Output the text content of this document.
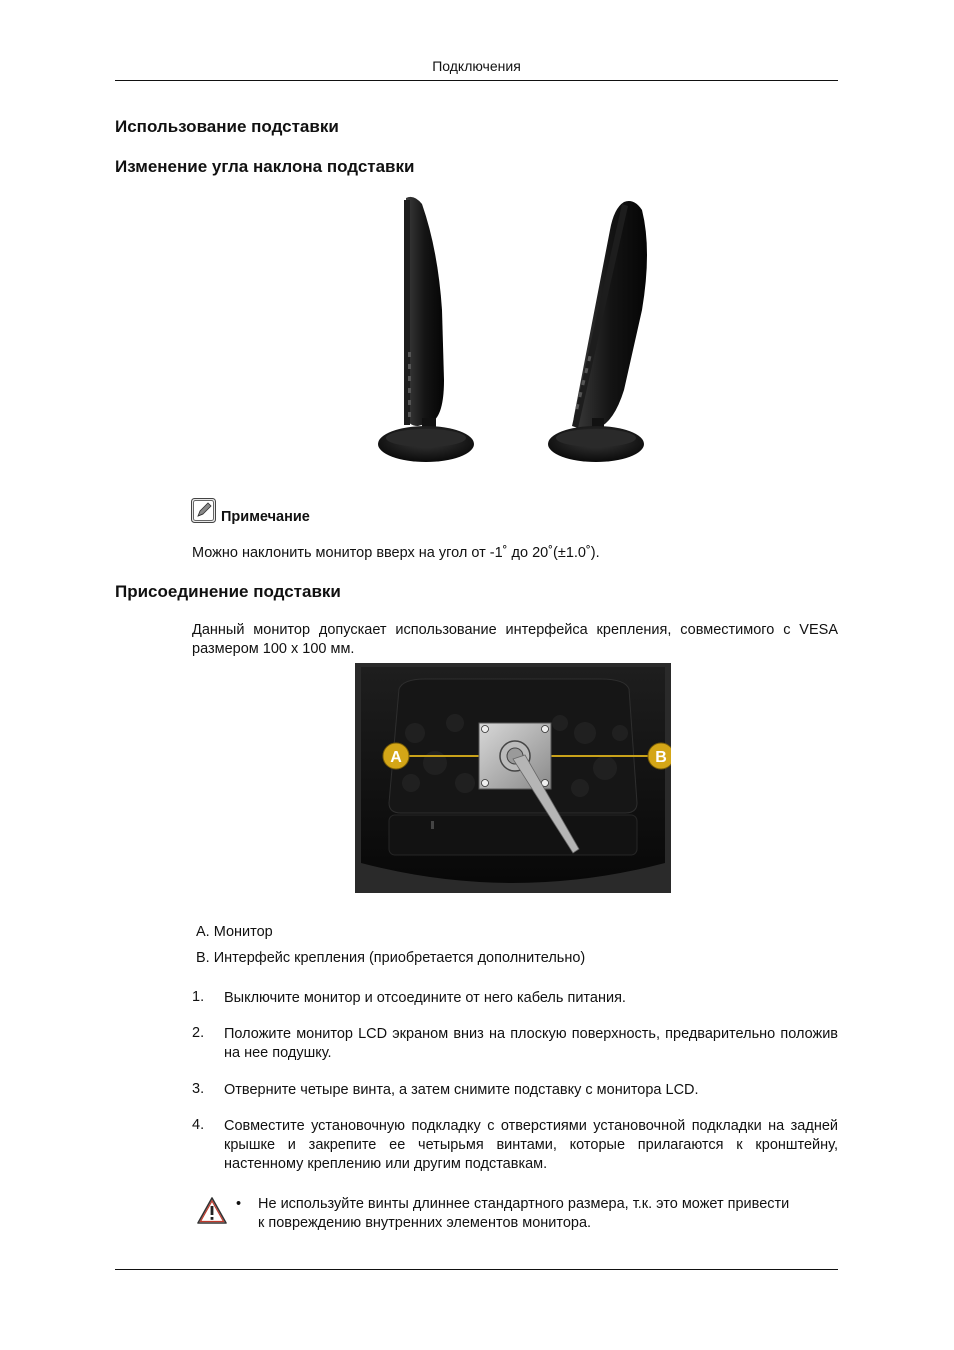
Подключения
Использование подставки
Изменение угла наклона подставки
Примечание
Можно наклонить монитор вверх на угол от -1˚ до 20˚(±1.0˚).
Присоединение подставки
Данный монитор допускает использование интерфейса крепления, совместимого с VESA размером 100 x 100 мм.
A	B
A. Монитор
B. Интерфейс крепления (приобретается дополнительно)
1. Выключите монитор и отсоедините от него кабель питания.
2. Положите монитор LCD экраном вниз на плоскую поверхность, предварительно положив на нее подушку.
3. Отверните четыре винта, а затем снимите подставку с монитора LCD.
4. Совместите установочную подкладку с отверстиями установочной подкладки на задней крышке и закрепите ее четырьмя винтами, которые прилагаются к кронштейну, настенному креплению или другим подставкам.
• Не используйте винты длиннее стандартного размера, т.к. это может привести к повреждению внутренних элементов монитора.
